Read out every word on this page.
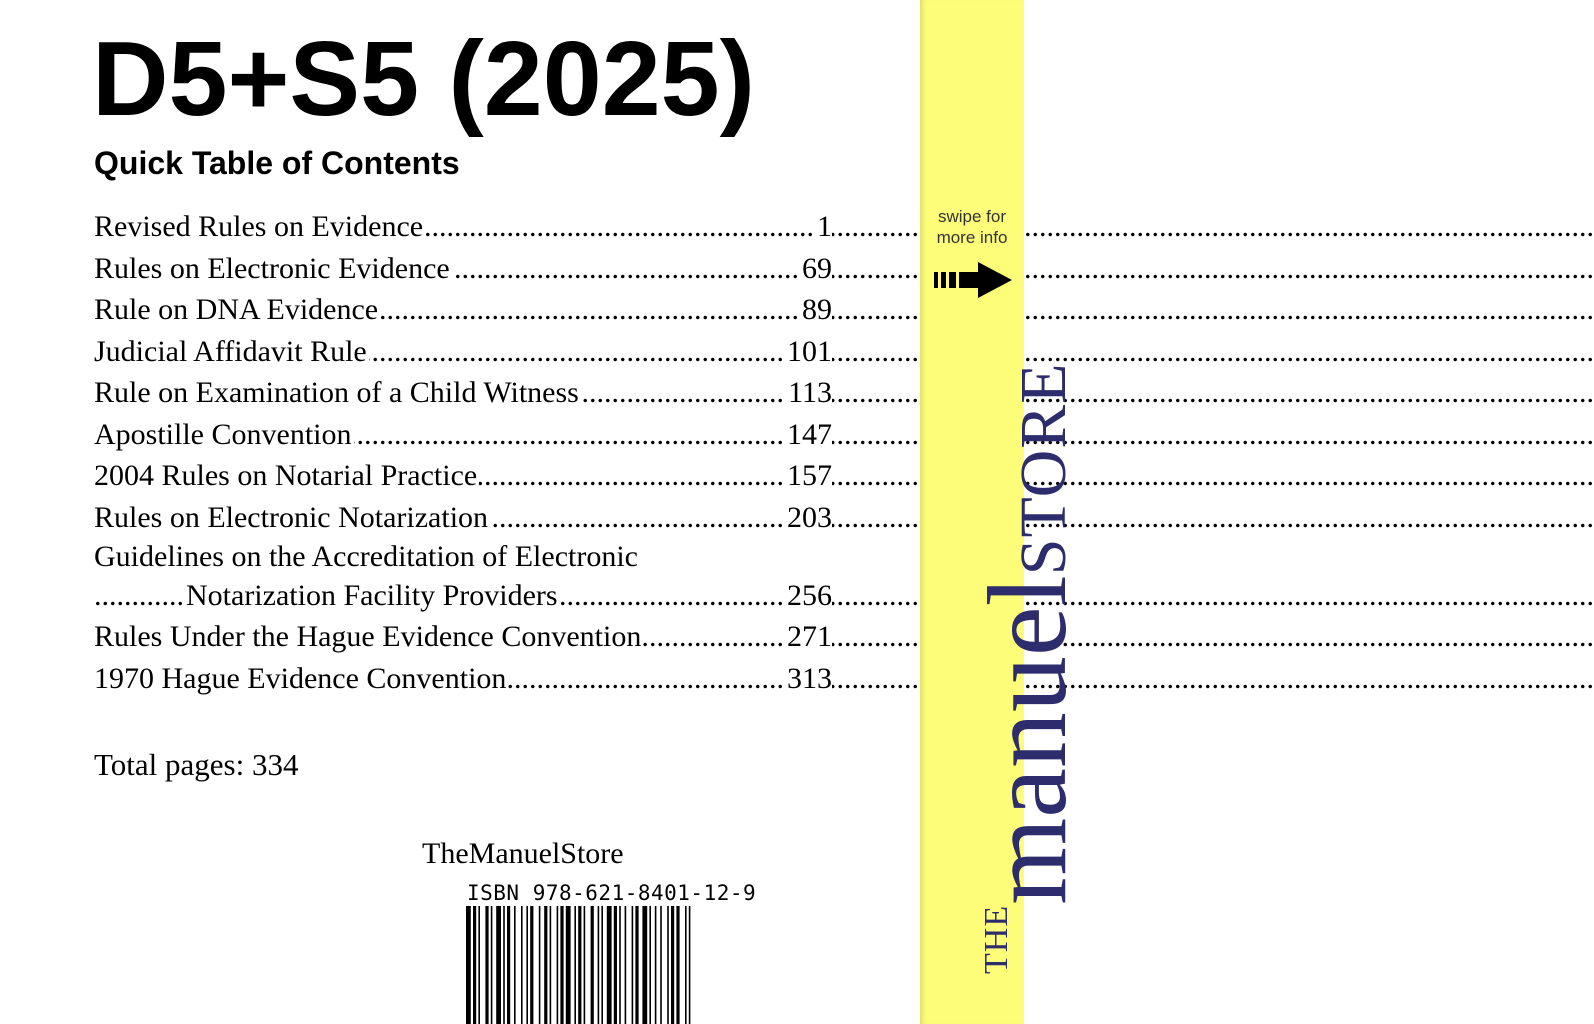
D5+S5 (2025)
Quick Table of Contents
.....
Revised Rules on Evidence	1
.....
Rules on Electronic Evidence	69
.....
Rule on DNA Evidence	89
.....
Judicial Affidavit Rule	101
.....
Rule on Examination of a Child Witness	113
.....
Apostille Convention	147
.....
2004 Rules on Notarial Practice	157
.....
Rules on Electronic Notarization	203
Guidelines on the Accreditation of Electronic
.....
Notarization Facility Providers	256
.....
Rules Under the Hague Evidence Convention.	271
.....
1970 Hague Evidence Convention	313
Total pages: 334
TheManuelStore
ISBN 978-621-8401-12-9
swipe for
more info
THEmanuelSTORE
